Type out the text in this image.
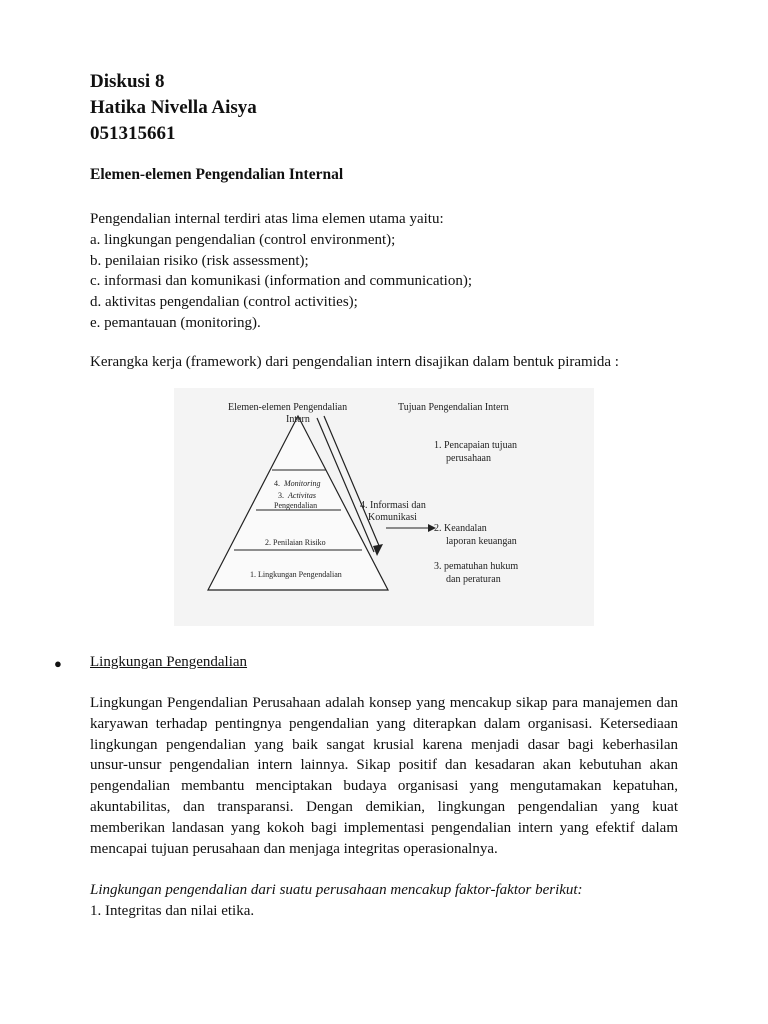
Diskusi 8
Hatika Nivella Aisya
051315661
Elemen-elemen Pengendalian Internal
Pengendalian internal terdiri atas lima elemen utama yaitu:
a. lingkungan pengendalian (control environment);
b. penilaian risiko (risk assessment);
c. informasi dan komunikasi (information and communication);
d. aktivitas pengendalian (control activities);
e. pemantauan (monitoring).
Kerangka kerja (framework) dari pengendalian intern disajikan dalam bentuk piramida :
Elemen-elemen Pengendalian
Intern
Tujuan Pengendalian Intern
4. Monitoring
3. Activitas
Pengendalian
2. Penilaian Risiko
1. Lingkungan Pengendalian
4. Informasi dan
Komunikasi
1. Pencapaian tujuan
perusahaan
2. Keandalan
laporan keuangan
3. pematuhan hukum
dan peraturan
● Lingkungan Pengendalian
Lingkungan Pengendalian Perusahaan adalah konsep yang mencakup sikap para manajemen dan
karyawan terhadap pentingnya pengendalian yang diterapkan dalam organisasi. Ketersediaan
lingkungan pengendalian yang baik sangat krusial karena menjadi dasar bagi keberhasilan
unsur-unsur pengendalian intern lainnya. Sikap positif dan kesadaran akan kebutuhan akan
pengendalian membantu menciptakan budaya organisasi yang mengutamakan kepatuhan,
akuntabilitas, dan transparansi. Dengan demikian, lingkungan pengendalian yang kuat
memberikan landasan yang kokoh bagi implementasi pengendalian intern yang efektif dalam
mencapai tujuan perusahaan dan menjaga integritas operasionalnya.
Lingkungan pengendalian dari suatu perusahaan mencakup faktor-faktor berikut:
1. Integritas dan nilai etika.
